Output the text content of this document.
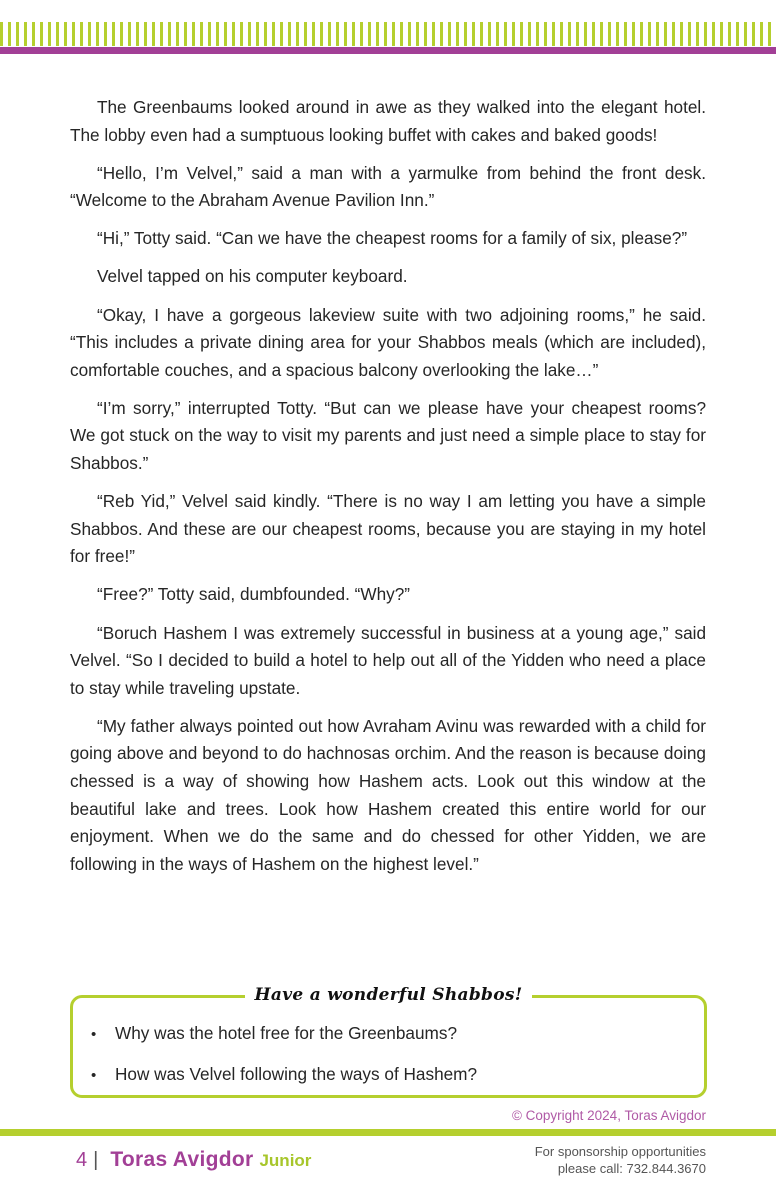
The Greenbaums looked around in awe as they walked into the elegant hotel. The lobby even had a sumptuous looking buffet with cakes and baked goods!

“Hello, I’m Velvel,” said a man with a yarmulke from behind the front desk. “Welcome to the Abraham Avenue Pavilion Inn.”

“Hi,” Totty said. “Can we have the cheapest rooms for a family of six, please?”

Velvel tapped on his computer keyboard.

“Okay, I have a gorgeous lakeview suite with two adjoining rooms,” he said. “This includes a private dining area for your Shabbos meals (which are included), comfortable couches, and a spacious balcony overlooking the lake…”

“I’m sorry,” interrupted Totty. “But can we please have your cheapest rooms? We got stuck on the way to visit my parents and just need a simple place to stay for Shabbos.”

“Reb Yid,” Velvel said kindly. “There is no way I am letting you have a simple Shabbos. And these are our cheapest rooms, because you are staying in my hotel for free!”

“Free?” Totty said, dumbfounded. “Why?”

“Boruch Hashem I was extremely successful in business at a young age,” said Velvel. “So I decided to build a hotel to help out all of the Yidden who need a place to stay while traveling upstate.

“My father always pointed out how Avraham Avinu was rewarded with a child for going above and beyond to do hachnosas orchim. And the reason is because doing chessed is a way of showing how Hashem acts. Look out this window at the beautiful lake and trees. Look how Hashem created this entire world for our enjoyment. When we do the same and do chessed for other Yidden, we are following in the ways of Hashem on the highest level.”

Have a wonderful Shabbos!
• Why was the hotel free for the Greenbaums?
• How was Velvel following the ways of Hashem?
© Copyright 2024, Toras Avigdor
4 | Toras Avigdor Junior	For sponsorship opportunities
please call: 732.844.3670
